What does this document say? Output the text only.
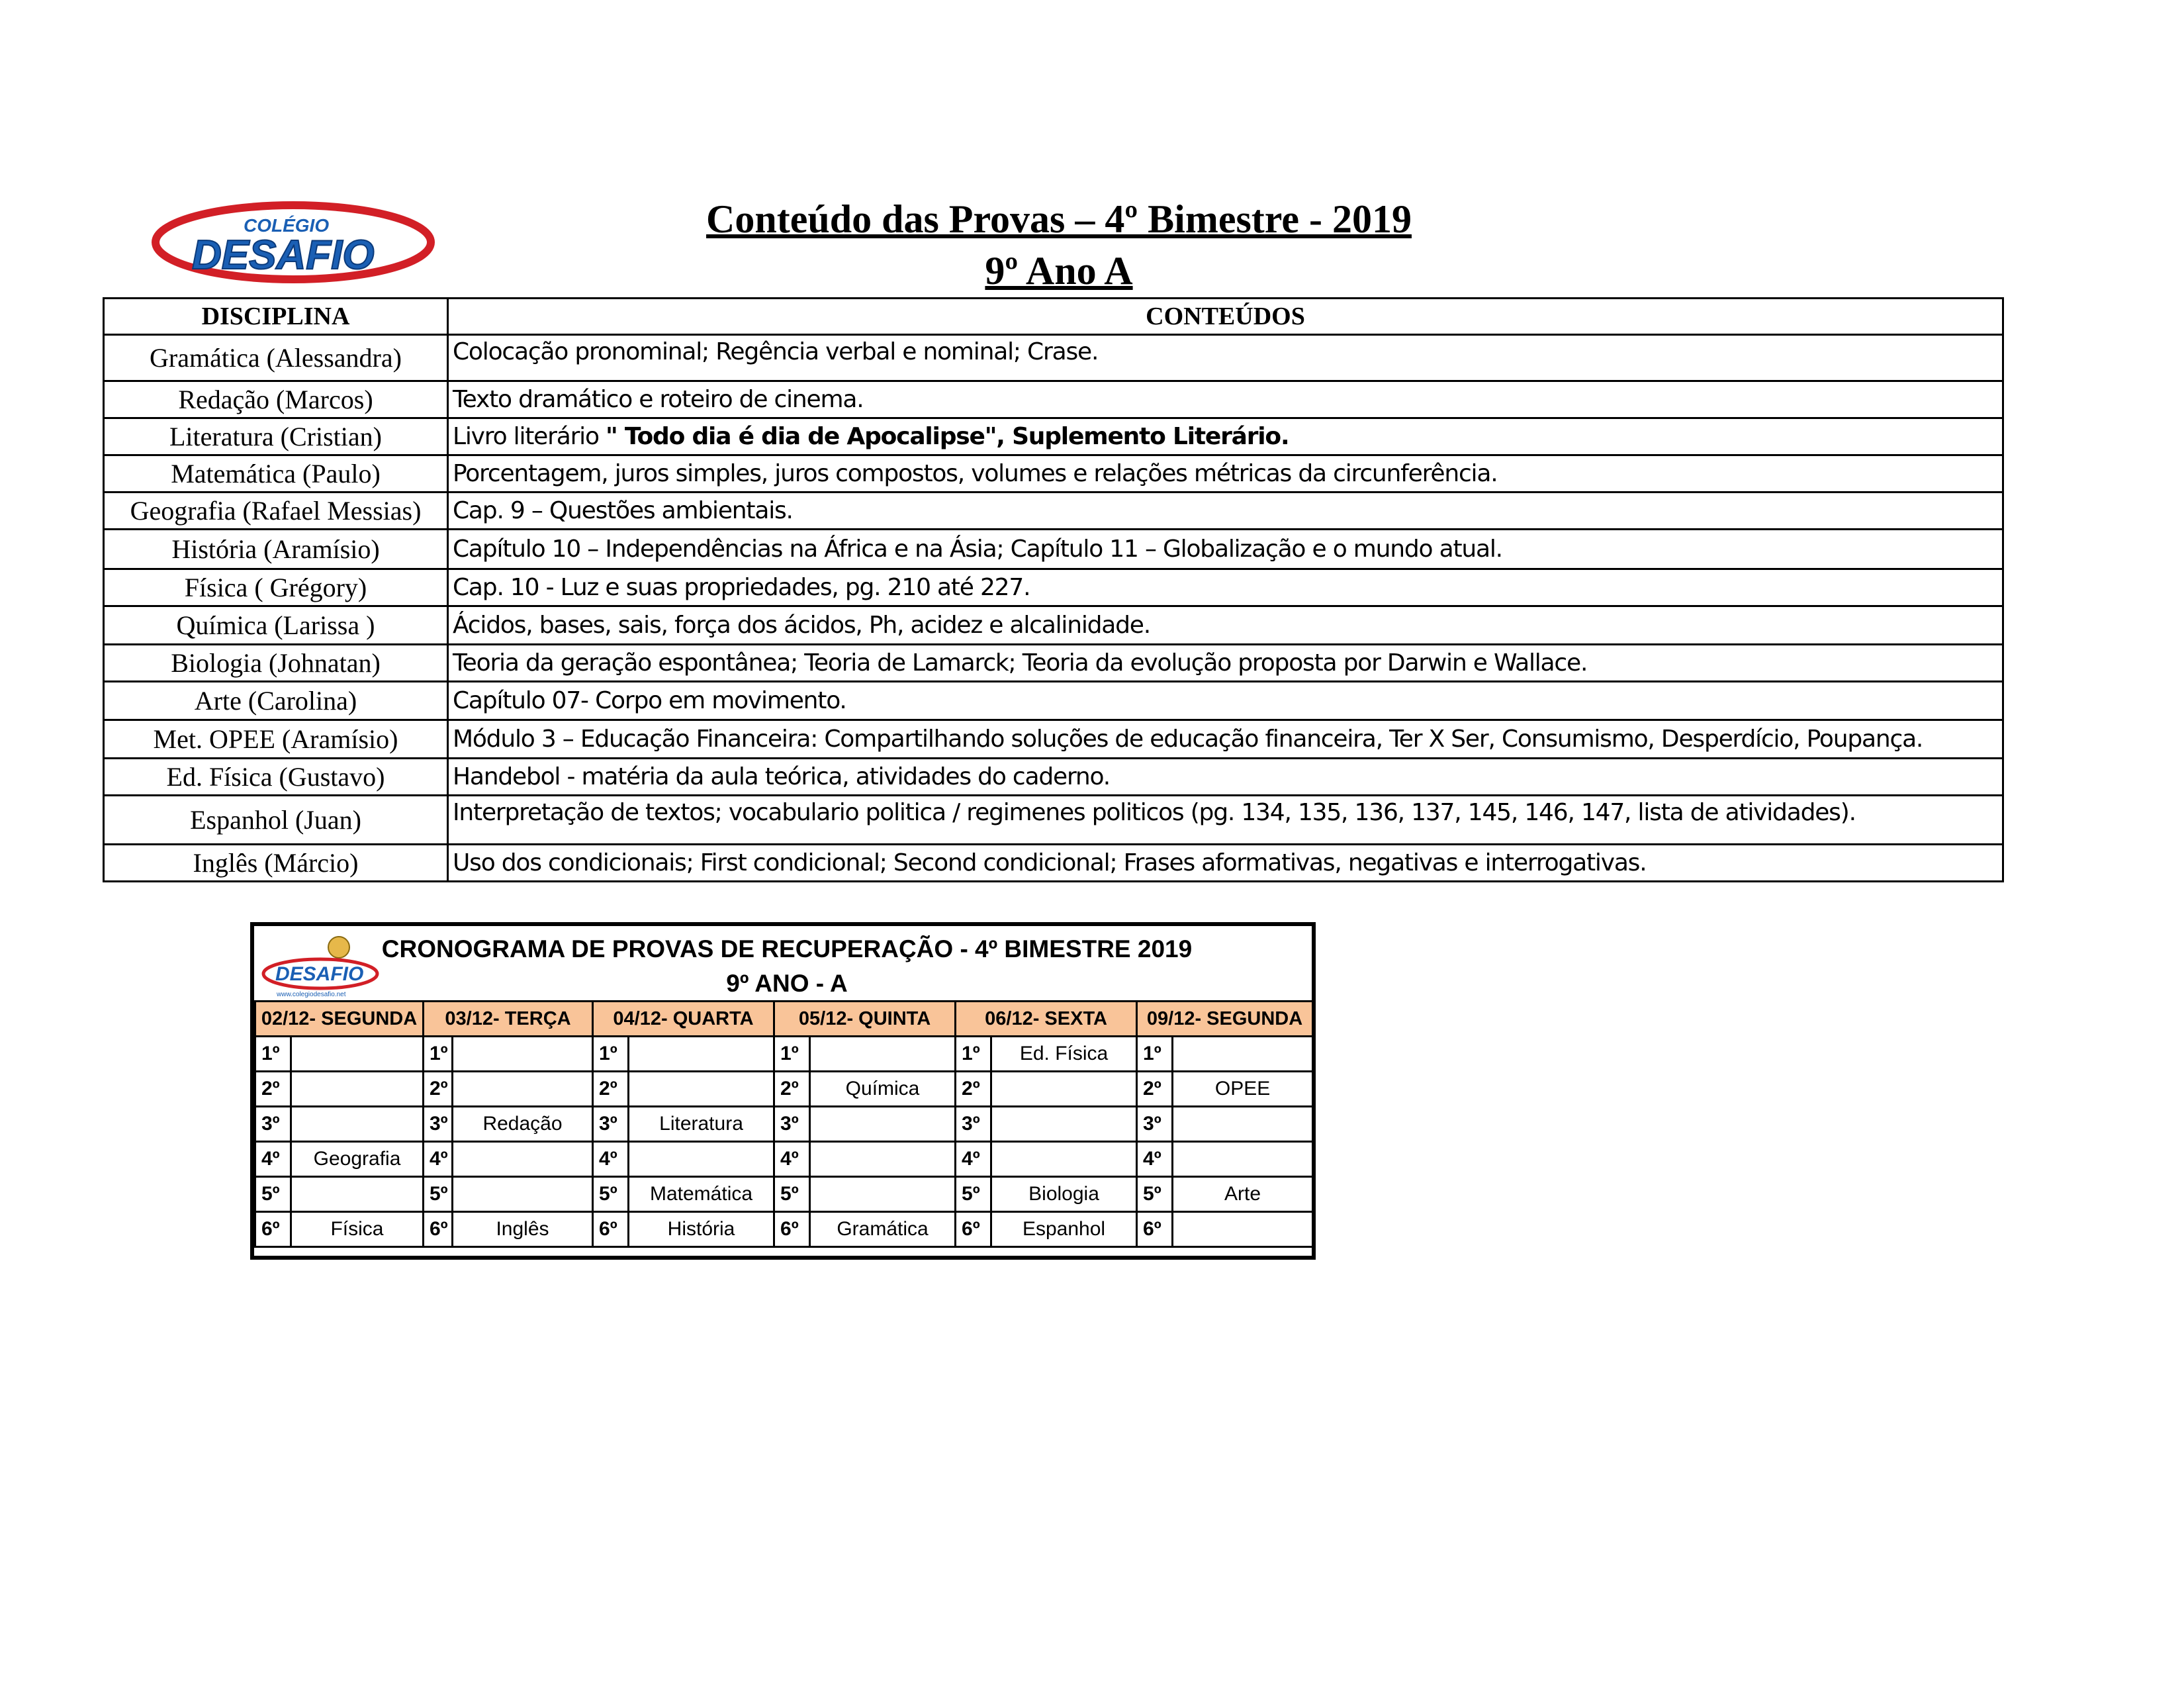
COLÉGIO
DESAFIO
Conteúdo das Provas – 4º Bimestre - 2019
9º Ano A
DISCIPLINA	CONTEÚDOS
Gramática (Alessandra)	Colocação pronominal; Regência verbal e nominal; Crase.
Redação (Marcos)	Texto dramático e roteiro de cinema.
Literatura (Cristian)	Livro literário " Todo dia é dia de Apocalipse", Suplemento Literário.
Matemática (Paulo)	Porcentagem, juros simples, juros compostos, volumes e relações métricas da circunferência.
Geografia (Rafael Messias)	Cap. 9 – Questões ambientais.
História (Aramísio)	Capítulo 10 – Independências na África e na Ásia; Capítulo 11 – Globalização e o mundo atual.
Física ( Grégory)	Cap. 10 - Luz e suas propriedades, pg. 210 até 227.
Química (Larissa )	Ácidos, bases, sais, força dos ácidos, Ph, acidez e alcalinidade.
Biologia (Johnatan)	Teoria da geração espontânea; Teoria de Lamarck; Teoria da evolução proposta por Darwin e Wallace.
Arte (Carolina)	Capítulo 07- Corpo em movimento.
Met. OPEE (Aramísio)	Módulo 3 – Educação Financeira: Compartilhando soluções de educação financeira, Ter X Ser, Consumismo, Desperdício, Poupança.
Ed. Física (Gustavo)	Handebol - matéria da aula teórica, atividades do caderno.
Espanhol (Juan)	Interpretação de textos; vocabulario politica / regimenes politicos (pg. 134, 135, 136, 137, 145, 146, 147, lista de atividades).
Inglês (Márcio)	Uso dos condicionais; First condicional; Second condicional; Frases aformativas, negativas e interrogativas.
DESAFIO
www.colegiodesafio.net
CRONOGRAMA DE PROVAS DE RECUPERAÇÃO - 4º BIMESTRE 2019
9º ANO - A
02/12- SEGUNDA		03/12- TERÇA		04/12- QUARTA		05/12- QUINTA		06/12- SEXTA		09/12- SEGUNDA	
1º		1º		1º		1º		1º	Ed. Física	1º	
2º		2º		2º		2º	Química	2º		2º	OPEE
3º		3º	Redação	3º	Literatura	3º		3º		3º	
4º	Geografia	4º		4º		4º		4º		4º	
5º		5º		5º	Matemática	5º		5º	Biologia	5º	Arte
6º	Física	6º	Inglês	6º	História	6º	Gramática	6º	Espanhol	6º	
